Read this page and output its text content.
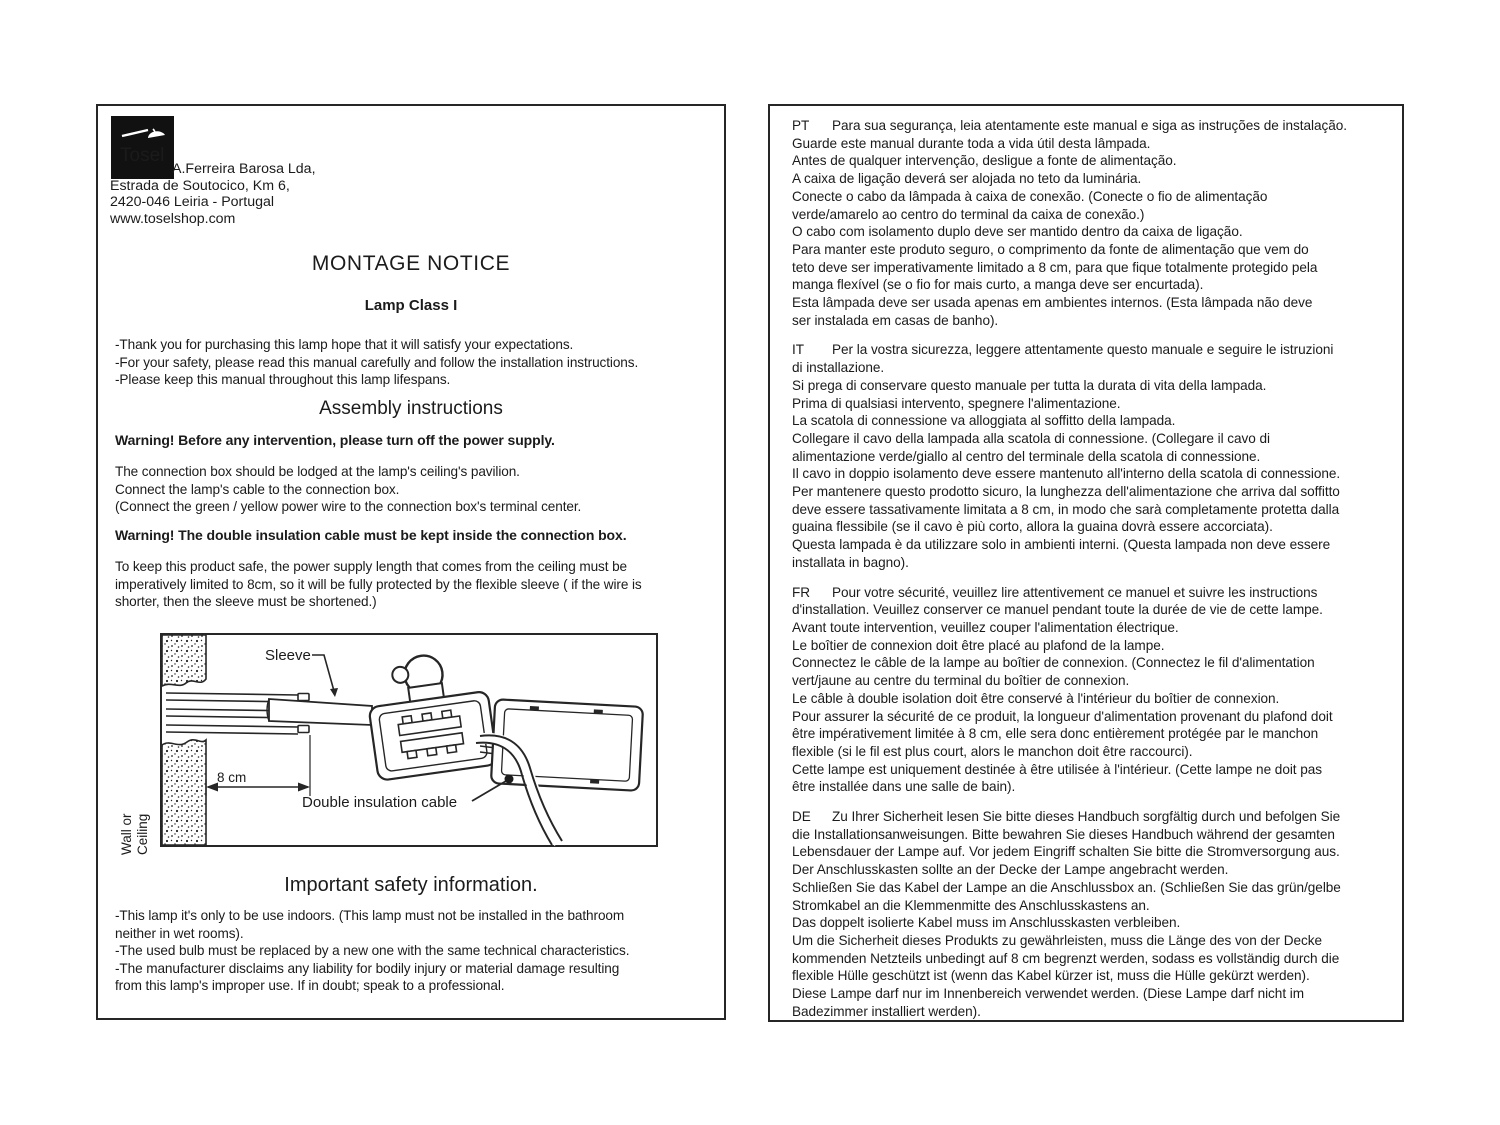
Tosel
A.Ferreira Barosa Lda,
Estrada de Soutocico, Km 6,
2420-046 Leiria - Portugal
www.toselshop.com
MONTAGE NOTICE
Lamp Class I
-Thank you for purchasing this lamp hope that it will satisfy your expectations.
-For your safety, please read this manual carefully and follow the installation instructions.
-Please keep this manual throughout this lamp lifespans.
Assembly instructions
Warning! Before any intervention, please turn off the power supply.
The connection box should be lodged at the lamp's ceiling's pavilion.
Connect the lamp's cable to the connection box.
(Connect the green / yellow power wire to the connection box's terminal center.
Warning! The double insulation cable must be kept inside the connection box.
To keep this product safe, the power supply length that comes from the ceiling must be
imperatively limited to 8cm, so it will be fully protected by the flexible sleeve ( if the wire is
shorter, then the sleeve must be shortened.)
8 cm
Sleeve
Double insulation cable
Wall or Ceiling
Important safety information.
-This lamp it's only to be use indoors. (This lamp must not be installed in the bathroom
neither in wet rooms).
-The used bulb must be replaced by a new one with the same technical characteristics.
-The manufacturer disclaims any liability for bodily injury or material damage resulting
from this lamp's improper use. If in doubt; speak to a professional.
PT Para sua segurança, leia atentamente este manual e siga as instruções de instalação.
Guarde este manual durante toda a vida útil desta lâmpada.
Antes de qualquer intervenção, desligue a fonte de alimentação.
A caixa de ligação deverá ser alojada no teto da luminária.
Conecte o cabo da lâmpada à caixa de conexão. (Conecte o fio de alimentação
verde/amarelo ao centro do terminal da caixa de conexão.)
O cabo com isolamento duplo deve ser mantido dentro da caixa de ligação.
Para manter este produto seguro, o comprimento da fonte de alimentação que vem do
teto deve ser imperativamente limitado a 8 cm, para que fique totalmente protegido pela
manga flexível (se o fio for mais curto, a manga deve ser encurtada).
Esta lâmpada deve ser usada apenas em ambientes internos. (Esta lâmpada não deve
ser instalada em casas de banho).
IT Per la vostra sicurezza, leggere attentamente questo manuale e seguire le istruzioni
di installazione.
Si prega di conservare questo manuale per tutta la durata di vita della lampada.
Prima di qualsiasi intervento, spegnere l'alimentazione.
La scatola di connessione va alloggiata al soffitto della lampada.
Collegare il cavo della lampada alla scatola di connessione. (Collegare il cavo di
alimentazione verde/giallo al centro del terminale della scatola di connessione.
Il cavo in doppio isolamento deve essere mantenuto all'interno della scatola di connessione.
Per mantenere questo prodotto sicuro, la lunghezza dell'alimentazione che arriva dal soffitto
deve essere tassativamente limitata a 8 cm, in modo che sarà completamente protetta dalla
guaina flessibile (se il cavo è più corto, allora la guaina dovrà essere accorciata).
Questa lampada è da utilizzare solo in ambienti interni. (Questa lampada non deve essere
installata in bagno).
FR Pour votre sécurité, veuillez lire attentivement ce manuel et suivre les instructions
d'installation. Veuillez conserver ce manuel pendant toute la durée de vie de cette lampe.
Avant toute intervention, veuillez couper l'alimentation électrique.
Le boîtier de connexion doit être placé au plafond de la lampe.
Connectez le câble de la lampe au boîtier de connexion. (Connectez le fil d'alimentation
vert/jaune au centre du terminal du boîtier de connexion.
Le câble à double isolation doit être conservé à l'intérieur du boîtier de connexion.
Pour assurer la sécurité de ce produit, la longueur d'alimentation provenant du plafond doit
être impérativement limitée à 8 cm, elle sera donc entièrement protégée par le manchon
flexible (si le fil est plus court, alors le manchon doit être raccourci).
Cette lampe est uniquement destinée à être utilisée à l'intérieur. (Cette lampe ne doit pas
être installée dans une salle de bain).
DE Zu Ihrer Sicherheit lesen Sie bitte dieses Handbuch sorgfältig durch und befolgen Sie
die Installationsanweisungen. Bitte bewahren Sie dieses Handbuch während der gesamten
Lebensdauer der Lampe auf. Vor jedem Eingriff schalten Sie bitte die Stromversorgung aus.
Der Anschlusskasten sollte an der Decke der Lampe angebracht werden.
Schließen Sie das Kabel der Lampe an die Anschlussbox an. (Schließen Sie das grün/gelbe
Stromkabel an die Klemmenmitte des Anschlusskastens an.
Das doppelt isolierte Kabel muss im Anschlusskasten verbleiben.
Um die Sicherheit dieses Produkts zu gewährleisten, muss die Länge des von der Decke
kommenden Netzteils unbedingt auf 8 cm begrenzt werden, sodass es vollständig durch die
flexible Hülle geschützt ist (wenn das Kabel kürzer ist, muss die Hülle gekürzt werden).
Diese Lampe darf nur im Innenbereich verwendet werden. (Diese Lampe darf nicht im
Badezimmer installiert werden).
